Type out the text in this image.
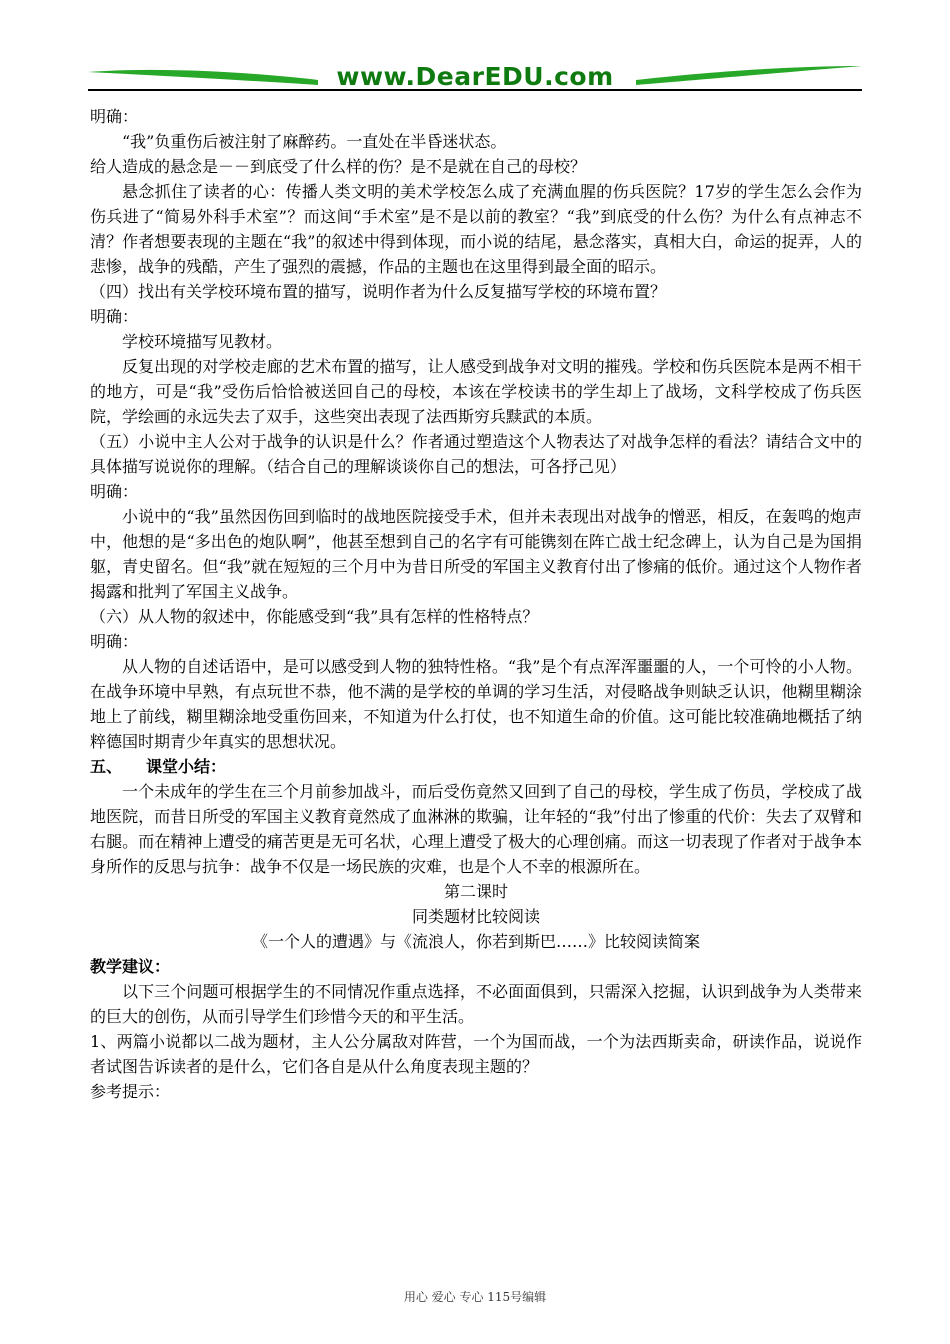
www.DearEDU.com

明确：

“我”负重伤后被注射了麻醉药。一直处在半昏迷状态。

给人造成的悬念是－－到底受了什么样的伤？是不是就在自己的母校？

悬念抓住了读者的心：传播人类文明的美术学校怎么成了充满血腥的伤兵医院？17岁的学生怎么会作为伤兵进了“简易外科手术室”？而这间“手术室”是不是以前的教室？“我”到底受的什么伤？为什么有点神志不清？作者想要表现的主题在“我”的叙述中得到体现，而小说的结尾，悬念落实，真相大白，命运的捉弄，人的悲惨，战争的残酷，产生了强烈的震撼，作品的主题也在这里得到最全面的昭示。

（四）找出有关学校环境布置的描写，说明作者为什么反复描写学校的环境布置？

明确：

学校环境描写见教材。

反复出现的对学校走廊的艺术布置的描写，让人感受到战争对文明的摧残。学校和伤兵医院本是两不相干的地方，可是“我”受伤后恰恰被送回自己的母校，本该在学校读书的学生却上了战场，文科学校成了伤兵医院，学绘画的永远失去了双手，这些突出表现了法西斯穷兵黩武的本质。

（五）小说中主人公对于战争的认识是什么？作者通过塑造这个人物表达了对战争怎样的看法？请结合文中的具体描写说说你的理解。（结合自己的理解谈谈你自己的想法，可各抒己见）

明确：

小说中的“我”虽然因伤回到临时的战地医院接受手术，但并未表现出对战争的憎恶，相反，在轰鸣的炮声中，他想的是“多出色的炮队啊”，他甚至想到自己的名字有可能镌刻在阵亡战士纪念碑上，认为自己是为国捐躯，青史留名。但“我”就在短短的三个月中为昔日所受的军国主义教育付出了惨痛的低价。通过这个人物作者揭露和批判了军国主义战争。

（六）从人物的叙述中，你能感受到“我”具有怎样的性格特点？

明确：

从人物的自述话语中，是可以感受到人物的独特性格。“我”是个有点浑浑噩噩的人，一个可怜的小人物。在战争环境中早熟，有点玩世不恭，他不满的是学校的单调的学习生活，对侵略战争则缺乏认识，他糊里糊涂地上了前线，糊里糊涂地受重伤回来，不知道为什么打仗，也不知道生命的价值。这可能比较准确地概括了纳粹德国时期青少年真实的思想状况。

五、　　课堂小结：

一个未成年的学生在三个月前参加战斗，而后受伤竟然又回到了自己的母校，学生成了伤员，学校成了战地医院，而昔日所受的军国主义教育竟然成了血淋淋的欺骗，让年轻的“我”付出了惨重的代价：失去了双臂和右腿。而在精神上遭受的痛苦更是无可名状，心理上遭受了极大的心理创痛。而这一切表现了作者对于战争本身所作的反思与抗争：战争不仅是一场民族的灾难，也是个人不幸的根源所在。

第二课时

同类题材比较阅读

《一个人的遭遇》与《流浪人，你若到斯巴……》比较阅读简案

教学建议：

以下三个问题可根据学生的不同情况作重点选择，不必面面俱到，只需深入挖掘，认识到战争为人类带来的巨大的创伤，从而引导学生们珍惜今天的和平生活。

1、两篇小说都以二战为题材，主人公分属敌对阵营，一个为国而战，一个为法西斯卖命，研读作品，说说作者试图告诉读者的是什么，它们各自是从什么角度表现主题的？

参考提示：

用心 爱心 专心 115号编辑
